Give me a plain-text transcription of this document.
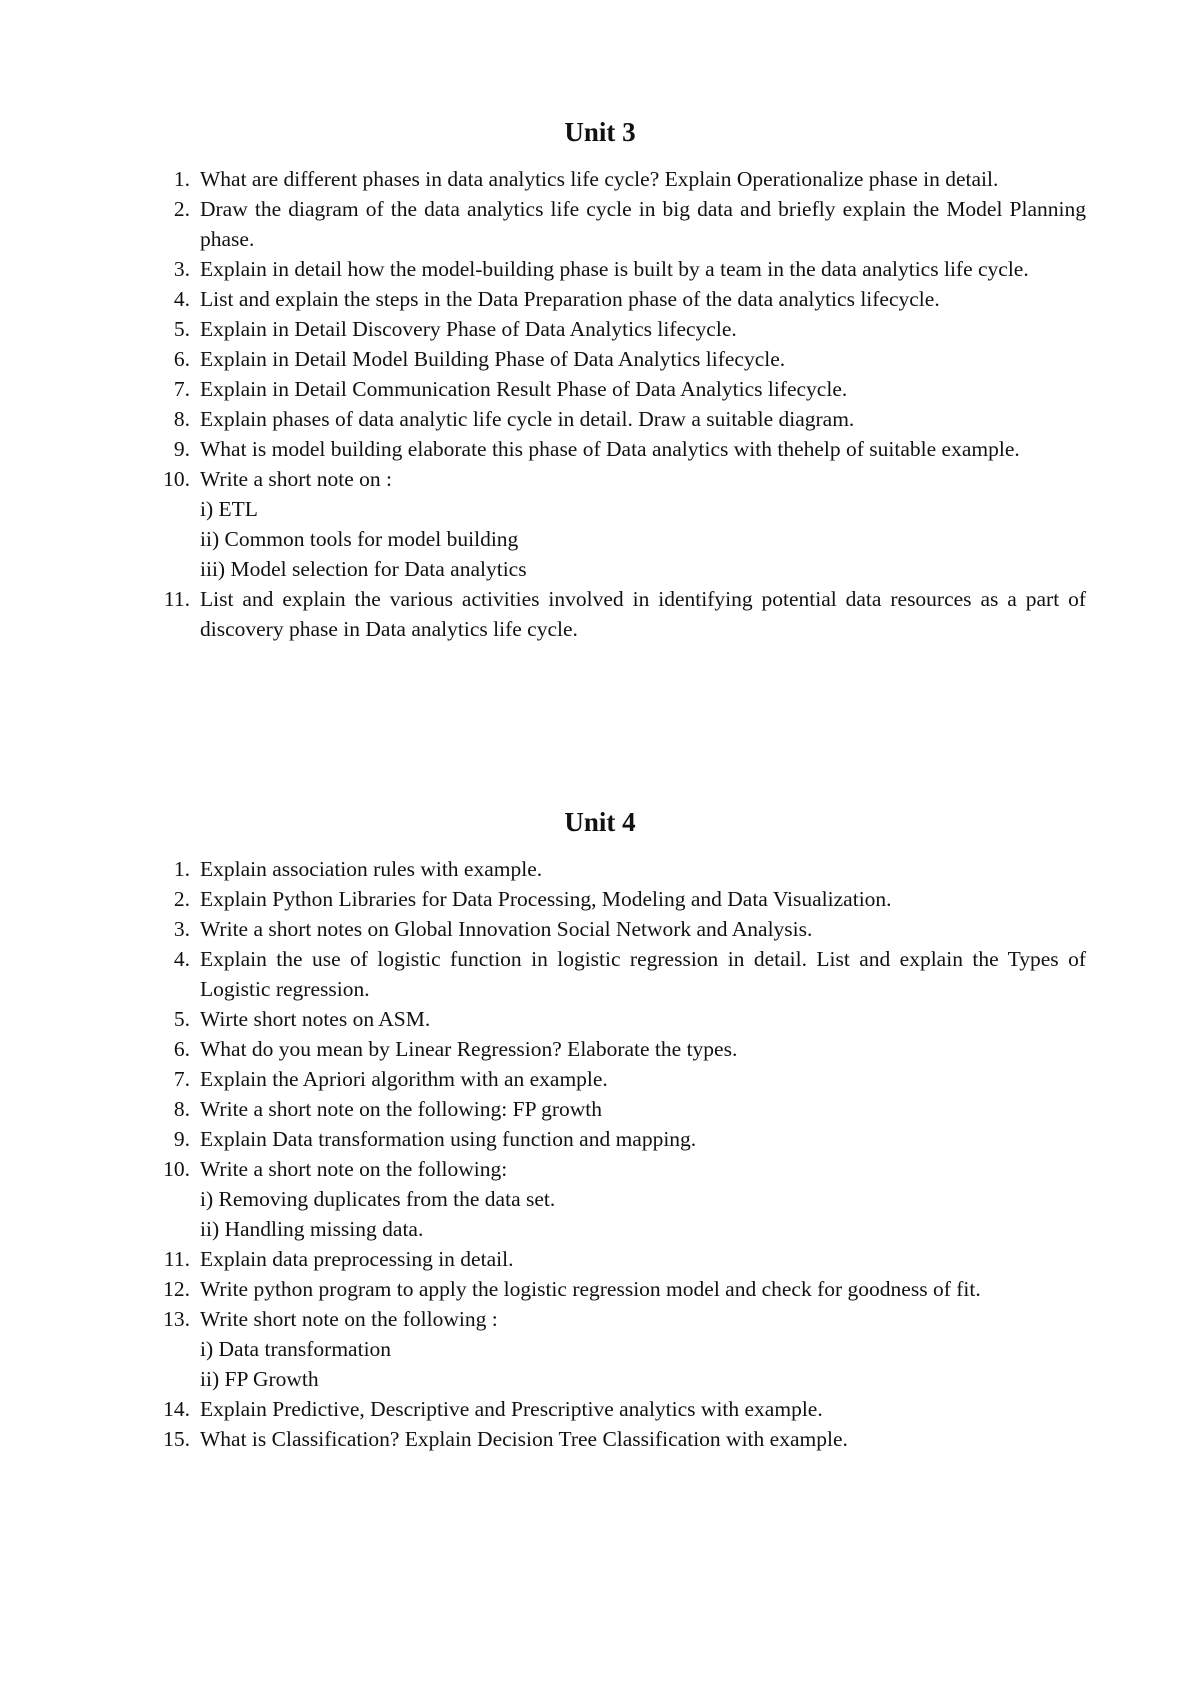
Unit 3
1. What are different phases in data analytics life cycle? Explain Operationalize phase in detail.
2. Draw the diagram of the data analytics life cycle in big data and briefly explain the Model Planning phase.
3. Explain in detail how the model-building phase is built by a team in the data analytics life cycle.
4. List and explain the steps in the Data Preparation phase of the data analytics lifecycle.
5. Explain in Detail Discovery Phase of Data Analytics lifecycle.
6. Explain in Detail Model Building Phase of Data Analytics lifecycle.
7. Explain in Detail Communication Result Phase of Data Analytics lifecycle.
8. Explain phases of data analytic life cycle in detail. Draw a suitable diagram.
9. What is model building elaborate this phase of Data analytics with thehelp of suitable example.
10. Write a short note on :
i) ETL
ii) Common tools for model building
iii) Model selection for Data analytics
11. List and explain the various activities involved in identifying potential data resources as a part of discovery phase in Data analytics life cycle.
Unit 4
1. Explain association rules with example.
2. Explain Python Libraries for Data Processing, Modeling and Data Visualization.
3. Write a short notes on Global Innovation Social Network and Analysis.
4. Explain the use of logistic function in logistic regression in detail. List and explain the Types of Logistic regression.
5. Wirte short notes on ASM.
6. What do you mean by Linear Regression? Elaborate the types.
7. Explain the Apriori algorithm with an example.
8. Write a short note on the following: FP growth
9. Explain Data transformation using function and mapping.
10. Write a short note on the following:
i) Removing duplicates from the data set.
ii) Handling missing data.
11. Explain data preprocessing in detail.
12. Write python program to apply the logistic regression model and check for goodness of fit.
13. Write short note on the following :
i) Data transformation
ii) FP Growth
14. Explain Predictive, Descriptive and Prescriptive analytics with example.
15. What is Classification? Explain Decision Tree Classification with example.
